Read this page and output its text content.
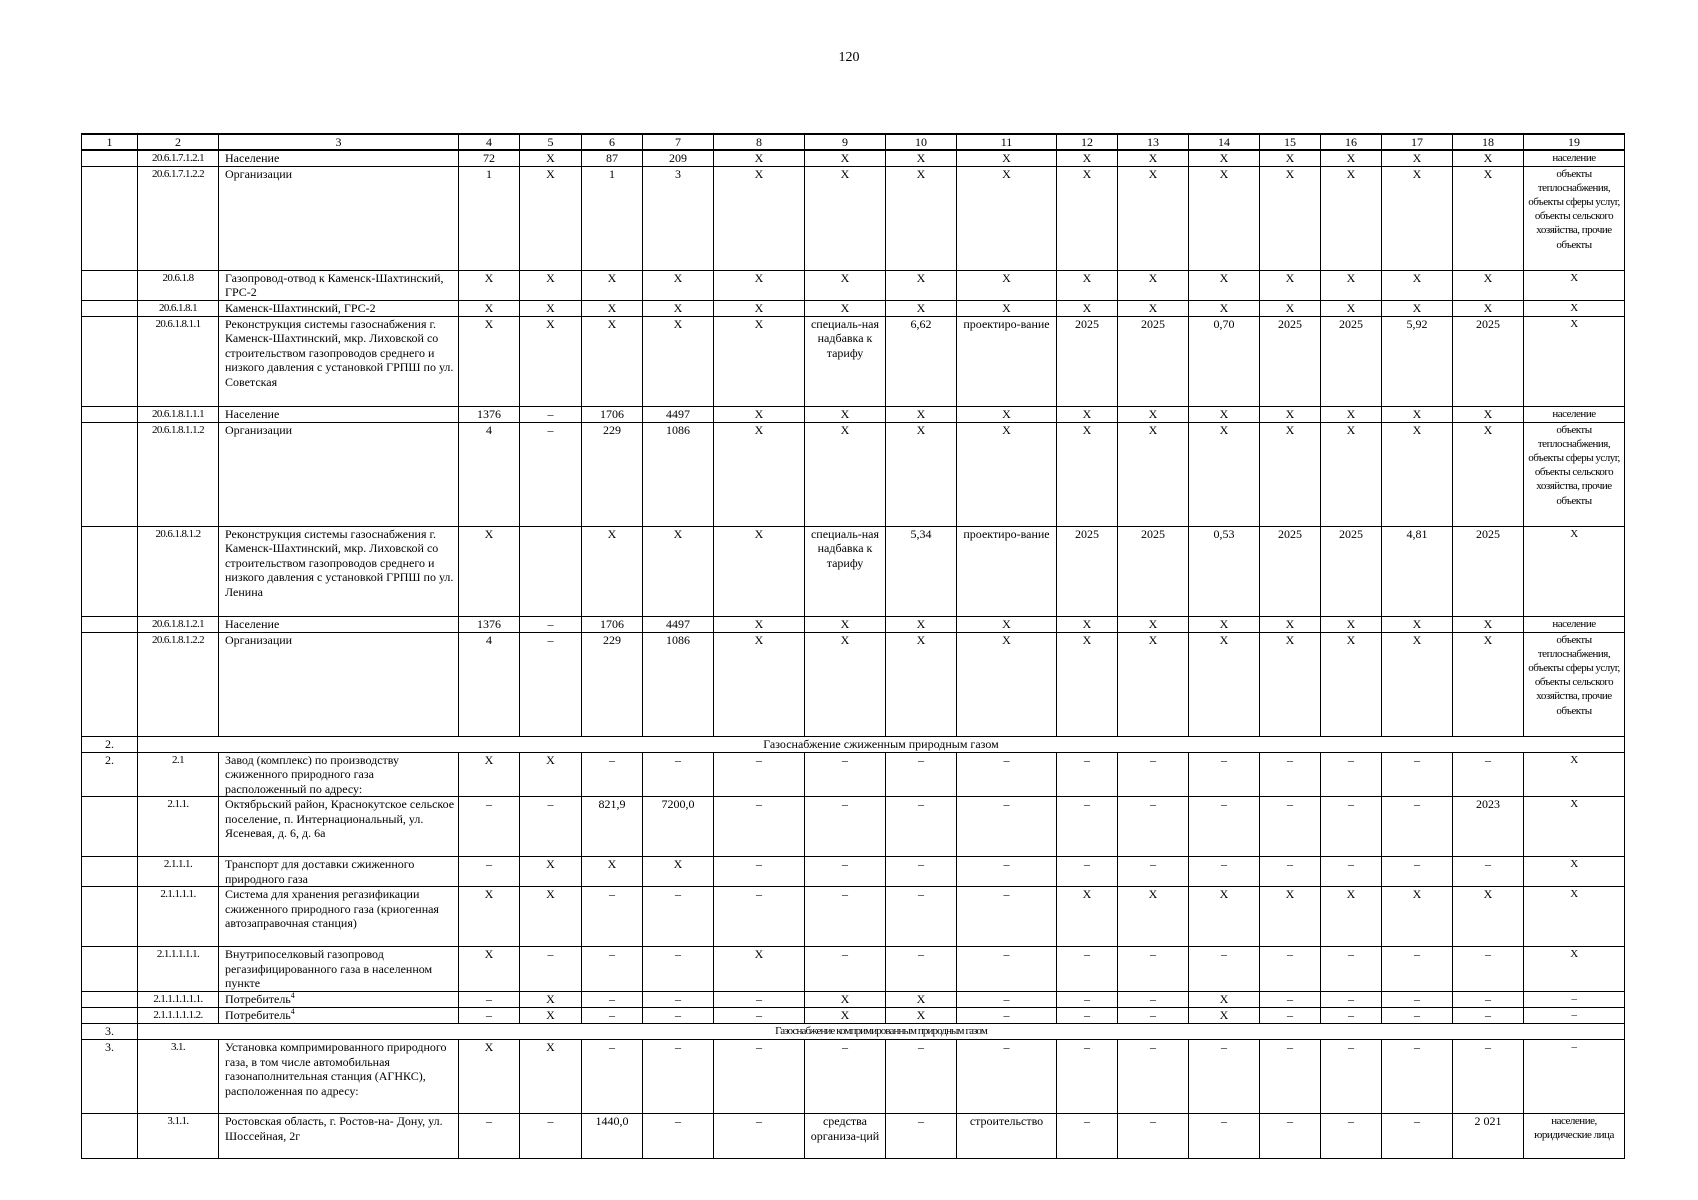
120
1	2	3	4	5	6	7	8	9	10	11	12	13	14	15	16	17	18	19
	20.6.1.7.1.2.1	Население	72	X	87	209	X	X	X	X	X	X	X	X	X	X	X	население
	20.6.1.7.1.2.2	Организации	1	X	1	3	X	X	X	X	X	X	X	X	X	X	X	объекты теплоснабжения, объекты сферы услуг, объекты сельского хозяйства, прочие объекты
	20.6.1.8	Газопровод-отвод к Каменск-Шахтинский, ГРС-2	X	X	X	X	X	X	X	X	X	X	X	X	X	X	X	X
	20.6.1.8.1	Каменск-Шахтинский, ГРС-2	X	X	X	X	X	X	X	X	X	X	X	X	X	X	X	X
	20.6.1.8.1.1	Реконструкция системы газоснабжения г. Каменск-Шахтинский, мкр. Лиховской со строительством газопроводов среднего и низкого давления с установкой ГРПШ по ул. Советская	X	X	X	X	X	специаль-ная надбавка к тарифу	6,62	проектиро-вание	2025	2025	0,70	2025	2025	5,92	2025	X
	20.6.1.8.1.1.1	Население	1376	–	1706	4497	X	X	X	X	X	X	X	X	X	X	X	население
	20.6.1.8.1.1.2	Организации	4	–	229	1086	X	X	X	X	X	X	X	X	X	X	X	объекты теплоснабжения, объекты сферы услуг, объекты сельского хозяйства, прочие объекты
	20.6.1.8.1.2	Реконструкция системы газоснабжения г. Каменск-Шахтинский, мкр. Лиховской со строительством газопроводов среднего и низкого давления с установкой ГРПШ по ул. Ленина	X		X	X	X	специаль-ная надбавка к тарифу	5,34	проектиро-вание	2025	2025	0,53	2025	2025	4,81	2025	X
	20.6.1.8.1.2.1	Население	1376	–	1706	4497	X	X	X	X	X	X	X	X	X	X	X	население
	20.6.1.8.1.2.2	Организации	4	–	229	1086	X	X	X	X	X	X	X	X	X	X	X	объекты теплоснабжения, объекты сферы услуг, объекты сельского хозяйства, прочие объекты
2.	Газоснабжение сжиженным природным газом																	
2.	2.1	Завод (комплекс) по производству сжиженного природного газа расположенный по адресу:	X	X	–	–	–	–	–	–	–	–	–	–	–	–	–	X
	2.1.1.	Октябрьский район, Краснокутское сельское поселение, п. Интернациональный, ул. Ясеневая, д. 6, д. 6а	–	–	821,9	7200,0	–	–	–	–	–	–	–	–	–	–	2023	X
	2.1.1.1.	Транспорт для доставки сжиженного природного газа	–	X	X	X	–	–	–	–	–	–	–	–	–	–	–	X
	2.1.1.1.1.	Система для хранения регазификации сжиженного природного газа (криогенная автозаправочная станция)	X	X	–	–	–	–	–	–	X	X	X	X	X	X	X	X
	2.1.1.1.1.1.	Внутрипоселковый газопровод регазифицированного газа в населенном пункте	X	–	–	–	X	–	–	–	–	–	–	–	–	–	–	X
	2.1.1.1.1.1.1.	Потребитель$^4$	–	X	–	–	–	X	X	–	–	–	X	–	–	–	–	–
	2.1.1.1.1.1.2.	Потребитель$^4$	–	X	–	–	–	X	X	–	–	–	X	–	–	–	–	–
3.	Газоснабжение компримированным природным газом																	
3.	3.1.	Установка компримированного природного газа, в том числе автомобильная газонаполнительная станция (АГНКС), расположенная по адресу:	X	X	–	–	–	–	–	–	–	–	–	–	–	–	–	–
	3.1.1.	Ростовская область, г. Ростов-на- Дону, ул. Шоссейная, 2г	–	–	1440,0	–	–	средства организа-ций	–	строительство	–	–	–	–	–	–	2 021	население, юридические лица
